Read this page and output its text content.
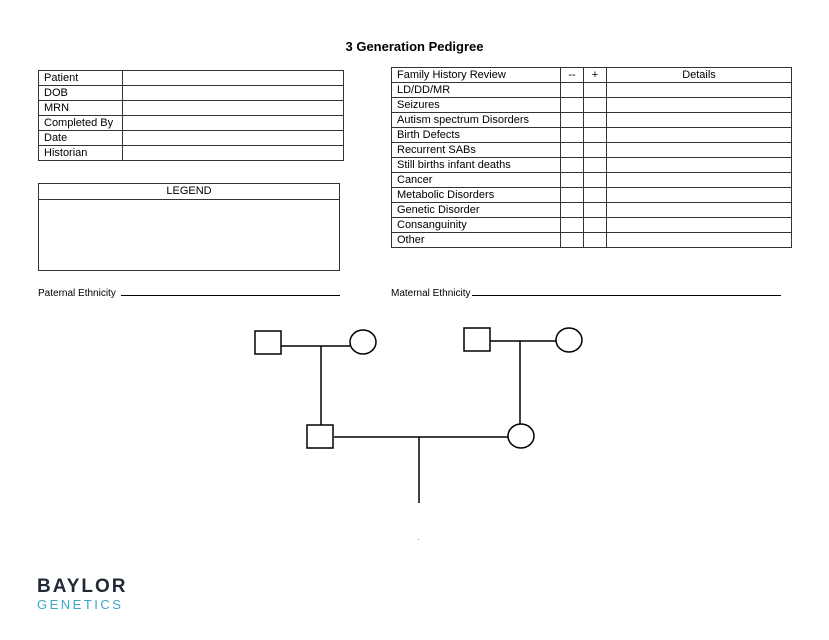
3 Generation Pedigree
Patient	
DOB	
MRN	
Completed By	
Date	
Historian	
LEGEND
Family History Review	--	+	Details
LD/DD/MR			
Seizures			
Autism spectrum Disorders			
Birth Defects			
Recurrent SABs			
Still births infant deaths			
Cancer			
Metabolic Disorders			
Genetic Disorder			
Consanguinity			
Other			
Paternal Ethnicity	Maternal Ethnicity
BAYLOR
GENETICS
